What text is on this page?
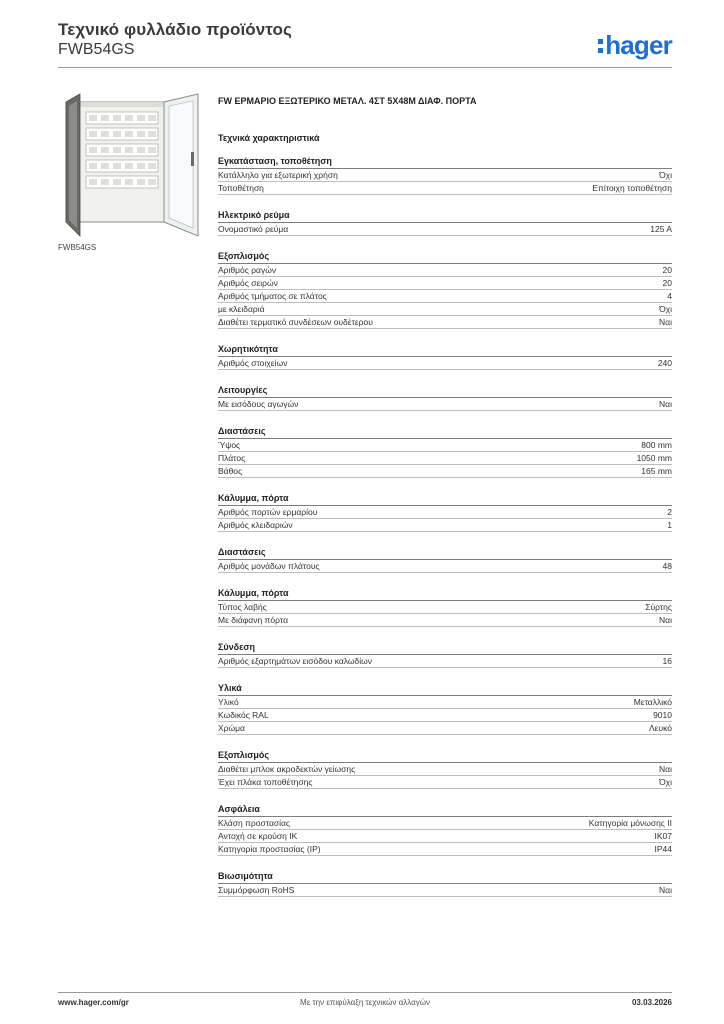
Τεχνικό φυλλάδιο προϊόντος
FWB54GS	hager
FWB54GS
FW ΕΡΜΑΡΙΟ ΕΞΩΤΕΡΙΚΟ ΜΕΤΑΛ. 4ΣΤ 5Χ48Μ ΔΙΑΦ. ΠΟΡΤΑ
Τεχνικά χαρακτηριστικά
Εγκατάσταση, τοποθέτηση
Κατάλληλο για εξωτερική χρήση	Όχι
Τοποθέτηση	Επίτοιχη τοποθέτηση
Ηλεκτρικό ρεύμα
Ονομαστικό ρεύμα	125 A
Εξοπλισμός
Αριθμός ραγών	20
Αριθμός σειρών	20
Αριθμός τμήματος σε πλάτος	4
με κλειδαριά	Όχι
Διαθέτει τερματικό συνδέσεων ουδέτερου	Ναι
Χωρητικότητα
Αριθμός στοιχείων	240
Λειτουργίες
Με εισόδους αγωγών	Ναι
Διαστάσεις
Ύψος	800 mm
Πλάτος	1050 mm
Βάθος	165 mm
Κάλυμμα, πόρτα
Αριθμός πορτών ερμαρίου	2
Αριθμός κλειδαριών	1
Διαστάσεις
Αριθμός μονάδων πλάτους	48
Κάλυμμα, πόρτα
Τύπος λαβής	Σύρτης
Με διάφανη πόρτα	Ναι
Σύνδεση
Αριθμός εξαρτημάτων εισόδου καλωδίων	16
Υλικά
Υλικό	Μεταλλικό
Κωδικός RAL	9010
Χρώμα	Λευκό
Εξοπλισμός
Διαθέτει μπλοκ ακροδεκτών γείωσης	Ναι
Έχει πλάκα τοποθέτησης	Όχι
Ασφάλεια
Κλάση προστασίας	Κατηγορία μόνωσης II
Αντοχή σε κρούση IK	IK07
Κατηγορία προστασίας (IP)	IP44
Βιωσιμότητα
Συμμόρφωση RoHS	Ναι
www.hager.com/gr	Με την επιφύλαξη τεχνικών αλλαγών	03.03.2026
